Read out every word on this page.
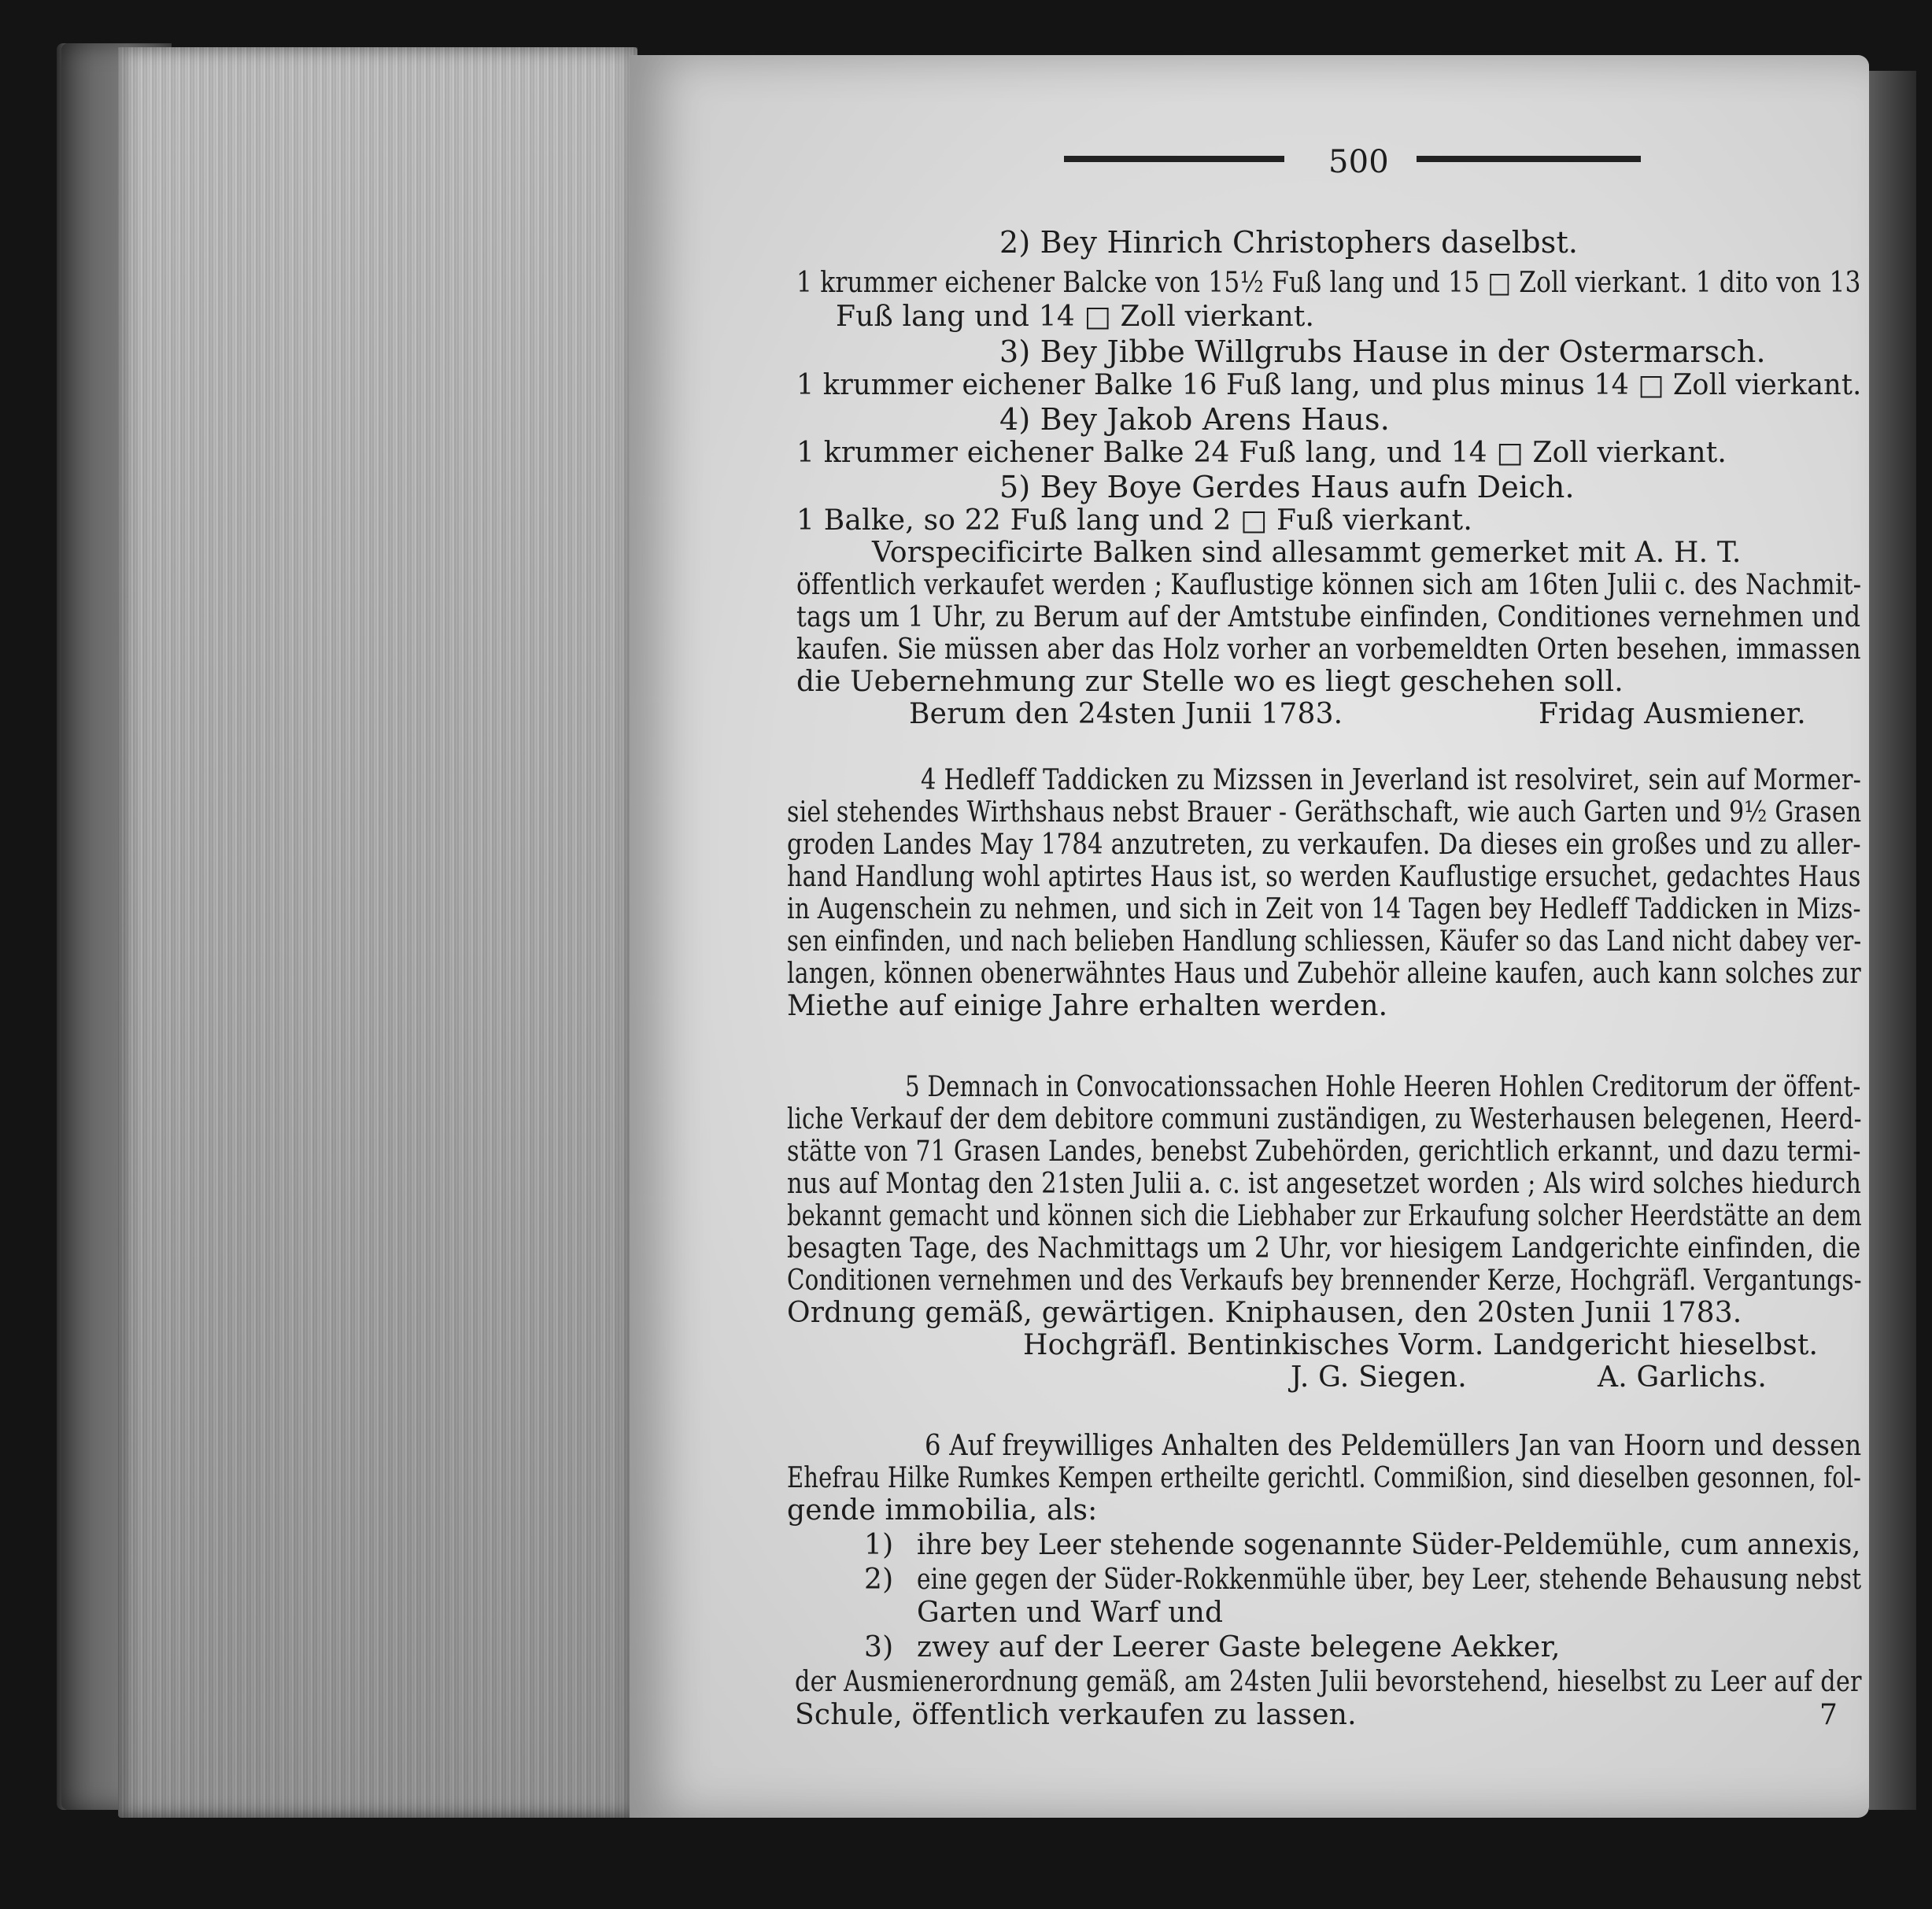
500
2) Bey Hinrich Christophers daselbst.
1 krummer eichener Balcke von 15½ Fuß lang und 15 □ Zoll vierkant. 1 dito von 13
Fuß lang und 14 □ Zoll vierkant.
3) Bey Jibbe Willgrubs Hause in der Ostermarsch.
1 krummer eichener Balke 16 Fuß lang, und plus minus 14 □ Zoll vierkant.
4) Bey Jakob Arens Haus.
1 krummer eichener Balke 24 Fuß lang, und 14 □ Zoll vierkant.
5) Bey Boye Gerdes Haus aufn Deich.
1 Balke, so 22 Fuß lang und 2 □ Fuß vierkant.
Vorspecificirte Balken sind allesammt gemerket mit A. H. T.
öffentlich verkaufet werden ; Kauflustige können sich am 16ten Julii c. des Nachmit-
tags um 1 Uhr, zu Berum auf der Amtstube einfinden, Conditiones vernehmen und
kaufen. Sie müssen aber das Holz vorher an vorbemeldten Orten besehen, immassen
die Uebernehmung zur Stelle wo es liegt geschehen soll.
Berum den 24sten Junii 1783.	Fridag Ausmiener.
4 Hedleff Taddicken zu Mizssen in Jeverland ist resolviret, sein auf Mormer-
siel stehendes Wirthshaus nebst Brauer - Geräthschaft, wie auch Garten und 9½ Grasen
groden Landes May 1784 anzutreten, zu verkaufen. Da dieses ein großes und zu aller-
hand Handlung wohl aptirtes Haus ist, so werden Kauflustige ersuchet, gedachtes Haus
in Augenschein zu nehmen, und sich in Zeit von 14 Tagen bey Hedleff Taddicken in Mizs-
sen einfinden, und nach belieben Handlung schliessen, Käufer so das Land nicht dabey ver-
langen, können obenerwähntes Haus und Zubehör alleine kaufen, auch kann solches zur
Miethe auf einige Jahre erhalten werden.
5 Demnach in Convocationssachen Hohle Heeren Hohlen Creditorum der öffent-
liche Verkauf der dem debitore communi zuständigen, zu Westerhausen belegenen, Heerd-
stätte von 71 Grasen Landes, benebst Zubehörden, gerichtlich erkannt, und dazu termi-
nus auf Montag den 21sten Julii a. c. ist angesetzet worden ; Als wird solches hiedurch
bekannt gemacht und können sich die Liebhaber zur Erkaufung solcher Heerdstätte an dem
besagten Tage, des Nachmittags um 2 Uhr, vor hiesigem Landgerichte einfinden, die
Conditionen vernehmen und des Verkaufs bey brennender Kerze, Hochgräfl. Vergantungs-
Ordnung gemäß, gewärtigen. Kniphausen, den 20sten Junii 1783.
Hochgräfl. Bentinkisches Vorm. Landgericht hieselbst.
J. G. Siegen.	A. Garlichs.
6 Auf freywilliges Anhalten des Peldemüllers Jan van Hoorn und dessen
Ehefrau Hilke Rumkes Kempen ertheilte gerichtl. Commißion, sind dieselben gesonnen, fol-
gende immobilia, als:
1) ihre bey Leer stehende sogenannte Süder-Peldemühle, cum annexis,
2) eine gegen der Süder-Rokkenmühle über, bey Leer, stehende Behausung nebst
Garten und Warf und
3) zwey auf der Leerer Gaste belegene Aekker,
der Ausmienerordnung gemäß, am 24sten Julii bevorstehend, hieselbst zu Leer auf der
Schule, öffentlich verkaufen zu lassen.	7
